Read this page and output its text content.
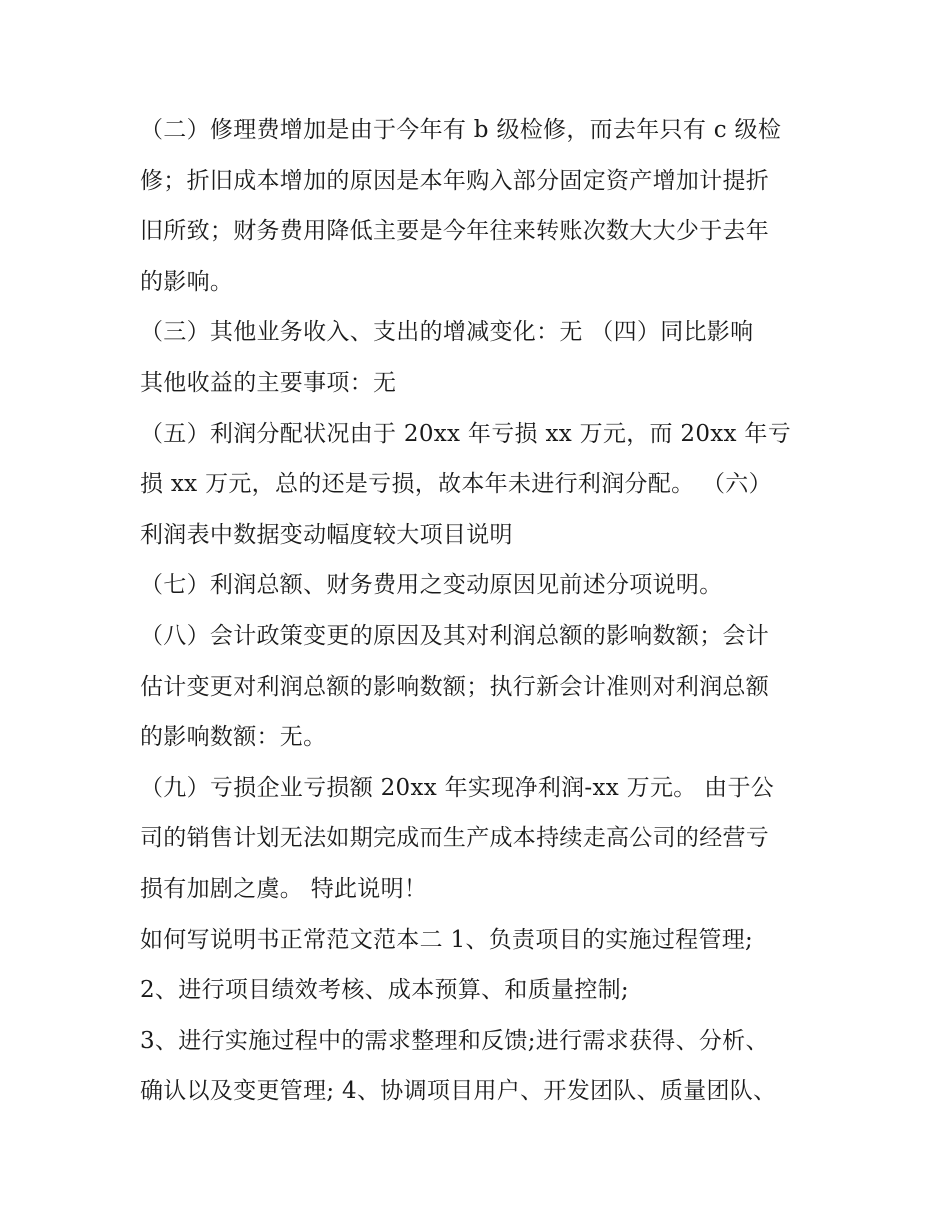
（二）修理费增加是由于今年有 b 级检修，而去年只有 c 级检
修；折旧成本增加的原因是本年购入部分固定资产增加计提折
旧所致；财务费用降低主要是今年往来转账次数大大少于去年
的影响。
（三）其他业务收入、支出的增减变化：无 （四）同比影响
其他收益的主要事项：无
（五）利润分配状况由于 20xx 年亏损 xx 万元，而 20xx 年亏
损 xx 万元，总的还是亏损，故本年未进行利润分配。 （六）
利润表中数据变动幅度较大项目说明
（七）利润总额、财务费用之变动原因见前述分项说明。
（八）会计政策变更的原因及其对利润总额的影响数额；会计
估计变更对利润总额的影响数额；执行新会计准则对利润总额
的影响数额：无。
（九）亏损企业亏损额 20xx 年实现净利润-xx 万元。 由于公
司的销售计划无法如期完成而生产成本持续走高公司的经营亏
损有加剧之虞。 特此说明！
如何写说明书正常范文范本二 1、负责项目的实施过程管理;
2、进行项目绩效考核、成本预算、和质量控制;
3、进行实施过程中的需求整理和反馈;进行需求获得、分析、
确认以及变更管理; 4、协调项目用户、开发团队、质量团队、
